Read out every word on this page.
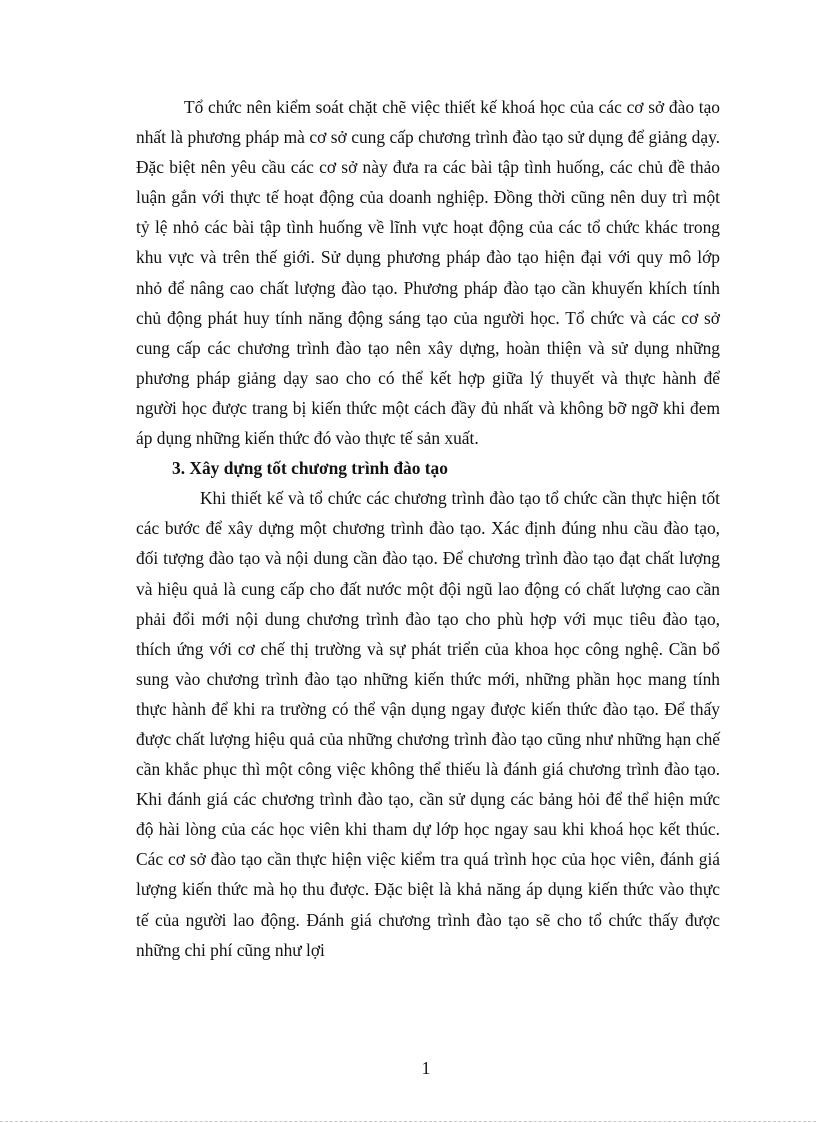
Tổ chức nên kiểm soát chặt chẽ việc thiết kế khoá học của các cơ sở đào tạo nhất là phương pháp mà cơ sở cung cấp chương trình đào tạo sử dụng để giảng dạy. Đặc biệt nên yêu cầu các cơ sở này đưa ra các bài tập tình huống, các chủ đề thảo luận gắn với thực tế hoạt động của doanh nghiệp. Đồng thời cũng nên duy trì một tỷ lệ nhỏ các bài tập tình huống về lĩnh vực hoạt động của các tổ chức khác trong khu vực và trên thế giới. Sử dụng phương pháp đào tạo hiện đại với quy mô lớp nhỏ để nâng cao chất lượng đào tạo. Phương pháp đào tạo cần khuyến khích tính chủ động phát huy tính năng động sáng tạo của người học. Tổ chức và các cơ sở cung cấp các chương trình đào tạo nên xây dựng, hoàn thiện và sử dụng những phương pháp giảng dạy sao cho có thể kết hợp giữa lý thuyết và thực hành để người học được trang bị kiến thức một cách đầy đủ nhất và không bỡ ngỡ khi đem áp dụng những kiến thức đó vào thực tế sản xuất.

3. Xây dựng tốt chương trình đào tạo

Khi thiết kế và tổ chức các chương trình đào tạo tổ chức cần thực hiện tốt các bước để xây dựng một chương trình đào tạo. Xác định đúng nhu cầu đào tạo, đối tượng đào tạo và nội dung cần đào tạo. Để chương trình đào tạo đạt chất lượng và hiệu quả là cung cấp cho đất nước một đội ngũ lao động có chất lượng cao cần phải đổi mới nội dung chương trình đào tạo cho phù hợp với mục tiêu đào tạo, thích ứng với cơ chế thị trường và sự phát triển của khoa học công nghệ. Cần bổ sung vào chương trình đào tạo những kiến thức mới, những phần học mang tính thực hành để khi ra trường có thể vận dụng ngay được kiến thức đào tạo. Để thấy được chất lượng hiệu quả của những chương trình đào tạo cũng như những hạn chế cần khắc phục thì một công việc không thể thiếu là đánh giá chương trình đào tạo. Khi đánh giá các chương trình đào tạo, cần sử dụng các bảng hỏi để thể hiện mức độ hài lòng của các học viên khi tham dự lớp học ngay sau khi khoá học kết thúc. Các cơ sở đào tạo cần thực hiện việc kiểm tra quá trình học của học viên, đánh giá lượng kiến thức mà họ thu được. Đặc biệt là khả năng áp dụng kiến thức vào thực tế của người lao động. Đánh giá chương trình đào tạo sẽ cho tổ chức thấy được những chi phí cũng như lợi

1
